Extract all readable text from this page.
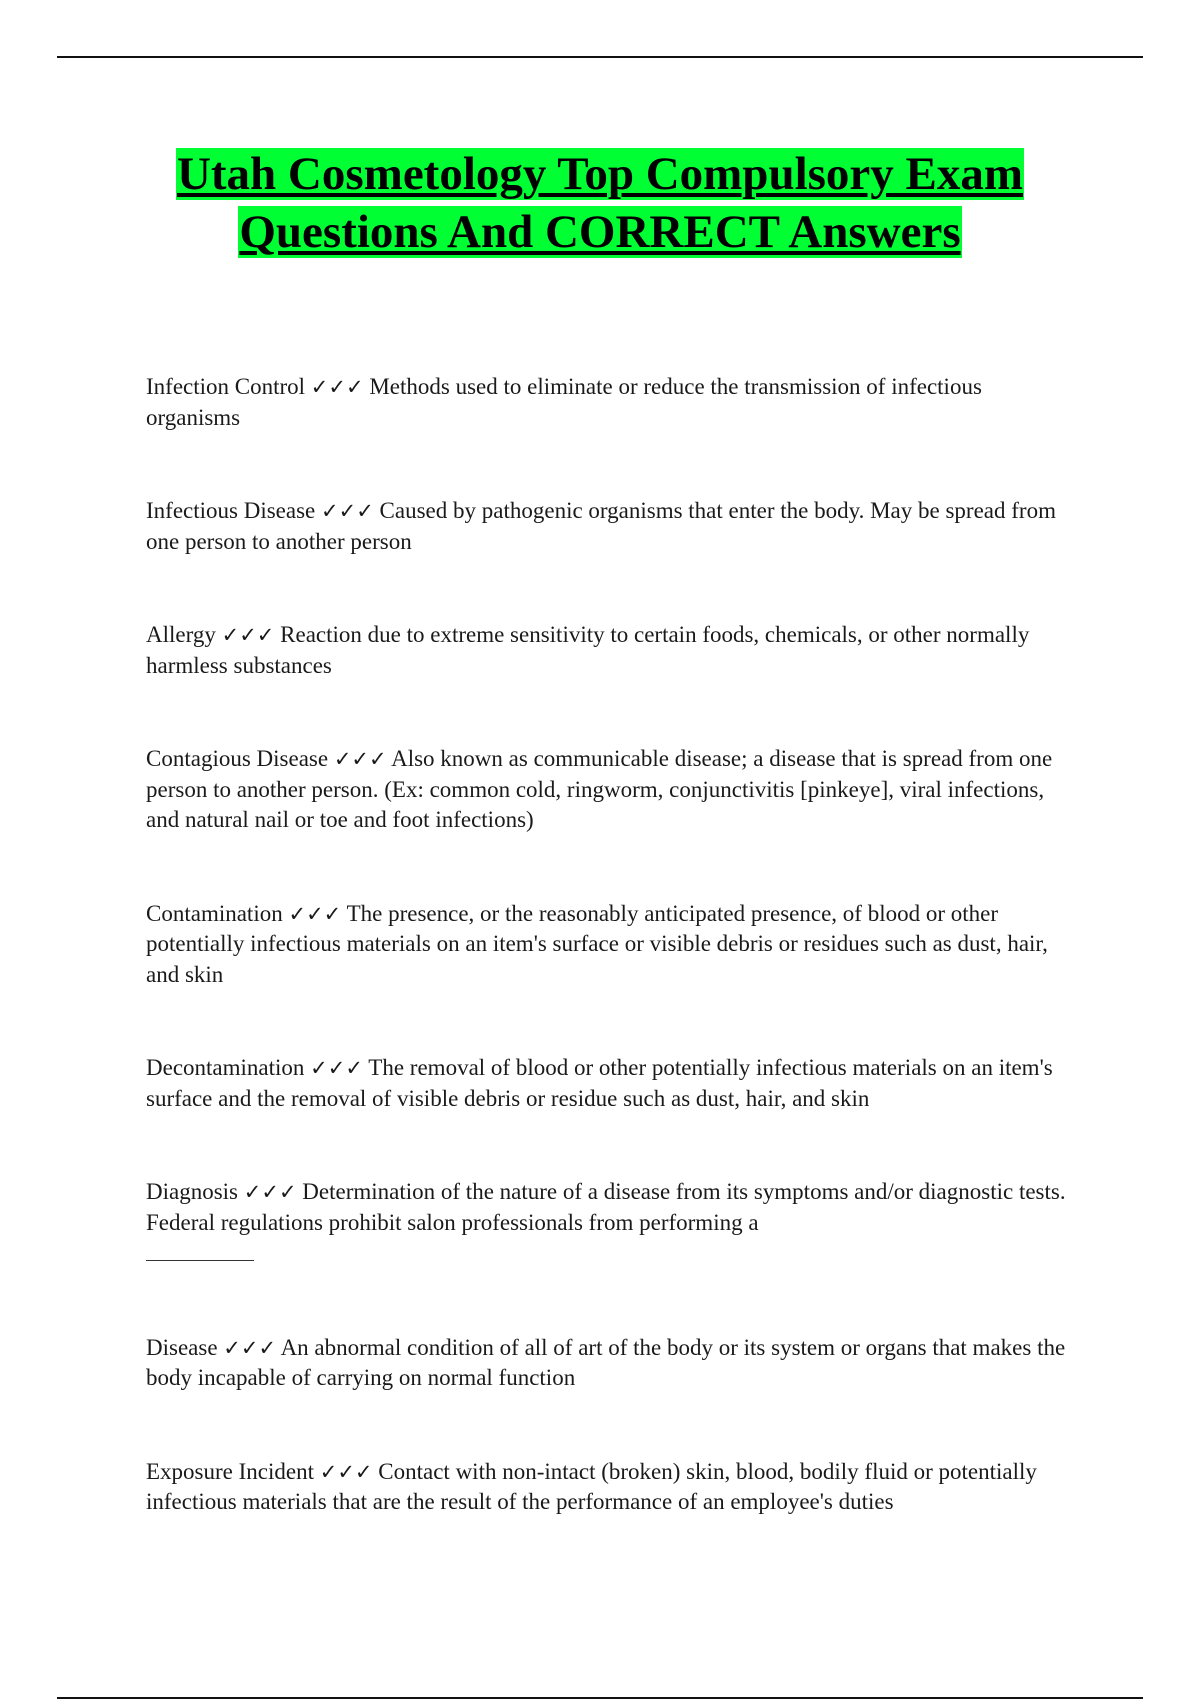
Utah Cosmetology Top Compulsory Exam
Questions And CORRECT Answers

Infection Control ✓✓✓ Methods used to eliminate or reduce the transmission of infectious organisms

Infectious Disease ✓✓✓ Caused by pathogenic organisms that enter the body. May be spread from one person to another person

Allergy ✓✓✓ Reaction due to extreme sensitivity to certain foods, chemicals, or other normally harmless substances

Contagious Disease ✓✓✓ Also known as communicable disease; a disease that is spread from one person to another person. (Ex: common cold, ringworm, conjunctivitis [pinkeye], viral infections, and natural nail or toe and foot infections)

Contamination ✓✓✓ The presence, or the reasonably anticipated presence, of blood or other potentially infectious materials on an item's surface or visible debris or residues such as dust, hair, and skin

Decontamination ✓✓✓ The removal of blood or other potentially infectious materials on an item's surface and the removal of visible debris or residue such as dust, hair, and skin

Diagnosis ✓✓✓ Determination of the nature of a disease from its symptoms and/or diagnostic tests. Federal regulations prohibit salon professionals from performing a

Disease ✓✓✓ An abnormal condition of all of art of the body or its system or organs that makes the body incapable of carrying on normal function

Exposure Incident ✓✓✓ Contact with non-intact (broken) skin, blood, bodily fluid or potentially infectious materials that are the result of the performance of an employee's duties
